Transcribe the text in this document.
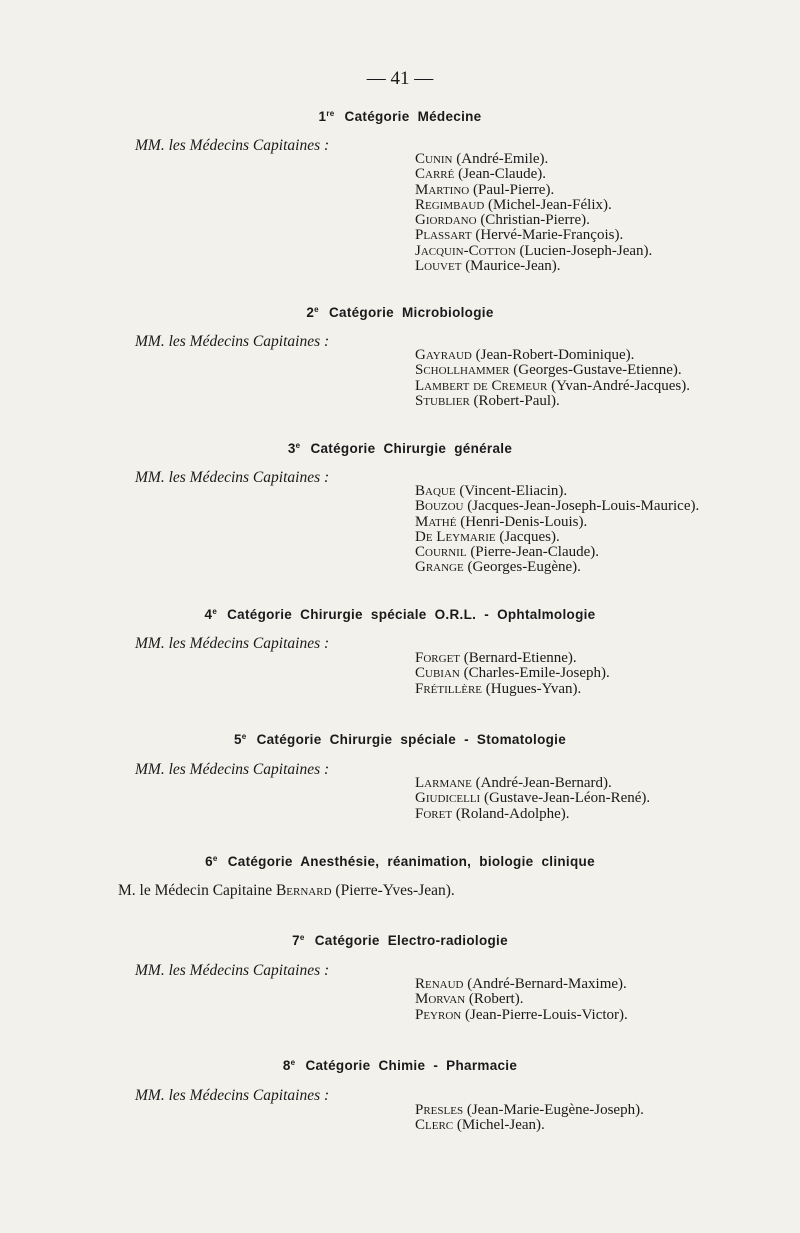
— 41 —
1re Catégorie Médecine
MM. les Médecins Capitaines :
Cunin (André-Emile).
Carré (Jean-Claude).
Martino (Paul-Pierre).
Regimbaud (Michel-Jean-Félix).
Giordano (Christian-Pierre).
Plassart (Hervé-Marie-François).
Jacquin-Cotton (Lucien-Joseph-Jean).
Louvet (Maurice-Jean).
2e Catégorie Microbiologie
MM. les Médecins Capitaines :
Gayraud (Jean-Robert-Dominique).
Schollhammer (Georges-Gustave-Etienne).
Lambert de Cremeur (Yvan-André-Jacques).
Stublier (Robert-Paul).
3e Catégorie Chirurgie générale
MM. les Médecins Capitaines :
Baque (Vincent-Eliacin).
Bouzou (Jacques-Jean-Joseph-Louis-Maurice).
Mathé (Henri-Denis-Louis).
De Leymarie (Jacques).
Cournil (Pierre-Jean-Claude).
Grange (Georges-Eugène).
4e Catégorie Chirurgie spéciale O.R.L. - Ophtalmologie
MM. les Médecins Capitaines :
Forget (Bernard-Etienne).
Cubian (Charles-Emile-Joseph).
Frétillère (Hugues-Yvan).
5e Catégorie Chirurgie spéciale - Stomatologie
MM. les Médecins Capitaines :
Larmane (André-Jean-Bernard).
Giudicelli (Gustave-Jean-Léon-René).
Foret (Roland-Adolphe).
6e Catégorie Anesthésie, réanimation, biologie clinique
M. le Médecin Capitaine Bernard (Pierre-Yves-Jean).
7e Catégorie Electro-radiologie
MM. les Médecins Capitaines :
Renaud (André-Bernard-Maxime).
Morvan (Robert).
Peyron (Jean-Pierre-Louis-Victor).
8e Catégorie Chimie - Pharmacie
MM. les Médecins Capitaines :
Presles (Jean-Marie-Eugène-Joseph).
Clerc (Michel-Jean).
